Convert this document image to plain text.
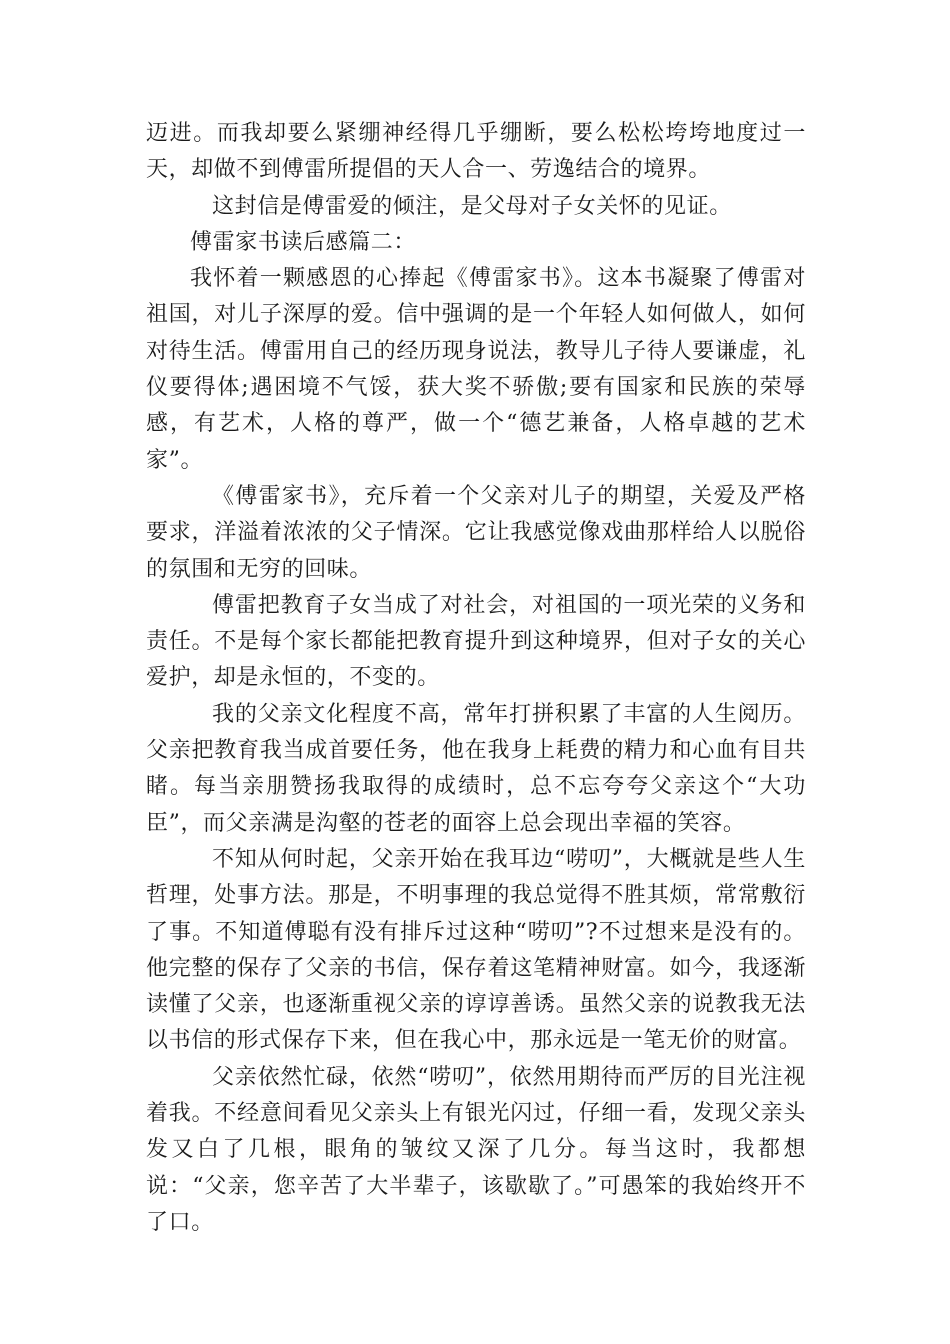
迈进。而我却要么紧绷神经得几乎绷断，要么松松垮垮地度过一天，却做不到傅雷所提倡的天人合一、劳逸结合的境界。

这封信是傅雷爱的倾注，是父母对子女关怀的见证。

傅雷家书读后感篇二：

我怀着一颗感恩的心捧起《傅雷家书》。这本书凝聚了傅雷对祖国，对儿子深厚的爱。信中强调的是一个年轻人如何做人，如何对待生活。傅雷用自己的经历现身说法，教导儿子待人要谦虚，礼仪要得体;遇困境不气馁，获大奖不骄傲;要有国家和民族的荣辱感，有艺术，人格的尊严，做一个“德艺兼备，人格卓越的艺术家”。

《傅雷家书》，充斥着一个父亲对儿子的期望，关爱及严格要求，洋溢着浓浓的父子情深。它让我感觉像戏曲那样给人以脱俗的氛围和无穷的回味。

傅雷把教育子女当成了对社会，对祖国的一项光荣的义务和责任。不是每个家长都能把教育提升到这种境界，但对子女的关心爱护，却是永恒的，不变的。

我的父亲文化程度不高，常年打拼积累了丰富的人生阅历。父亲把教育我当成首要任务，他在我身上耗费的精力和心血有目共睹。每当亲朋赞扬我取得的成绩时，总不忘夸夸父亲这个“大功臣”，而父亲满是沟壑的苍老的面容上总会现出幸福的笑容。

不知从何时起，父亲开始在我耳边“唠叨”，大概就是些人生哲理，处事方法。那是，不明事理的我总觉得不胜其烦，常常敷衍了事。不知道傅聪有没有排斥过这种“唠叨”?不过想来是没有的。他完整的保存了父亲的书信，保存着这笔精神财富。如今，我逐渐读懂了父亲，也逐渐重视父亲的谆谆善诱。虽然父亲的说教我无法以书信的形式保存下来，但在我心中，那永远是一笔无价的财富。

父亲依然忙碌，依然“唠叨”，依然用期待而严厉的目光注视着我。不经意间看见父亲头上有银光闪过，仔细一看，发现父亲头发又白了几根，眼角的皱纹又深了几分。每当这时，我都想说：“父亲，您辛苦了大半辈子，该歇歇了。”可愚笨的我始终开不了口。
